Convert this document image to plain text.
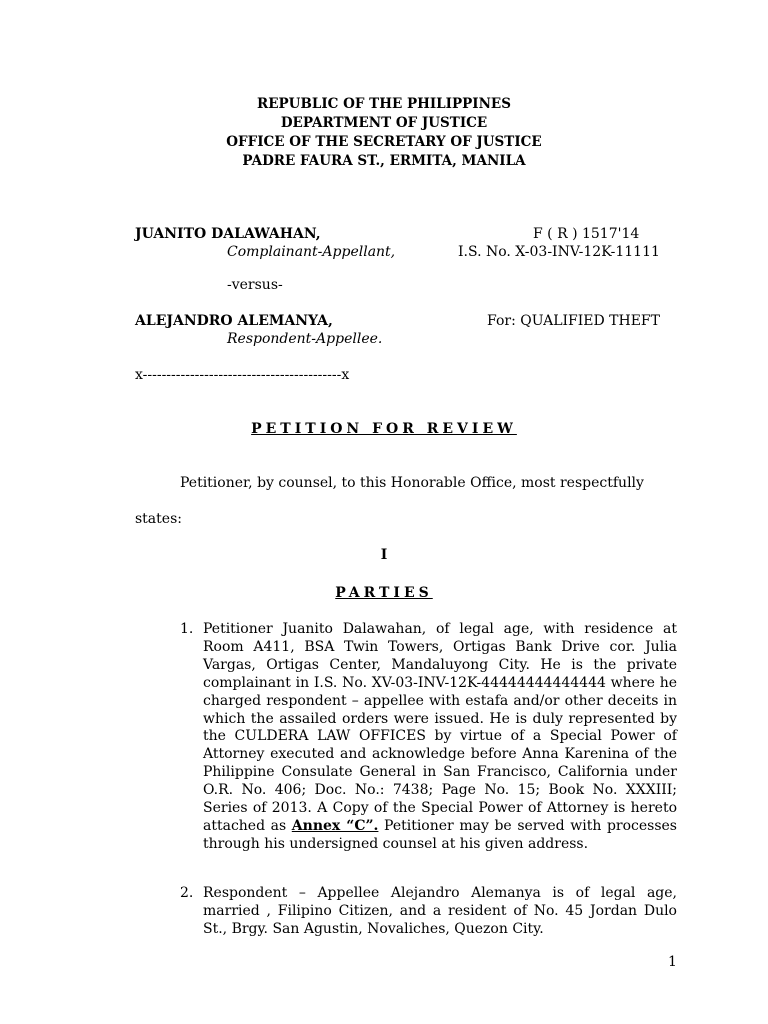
REPUBLIC OF THE PHILIPPINES
DEPARTMENT OF JUSTICE
OFFICE OF THE SECRETARY OF JUSTICE
PADRE FAURA ST., ERMITA, MANILA
JUANITO DALAWAHAN,	F ( R ) 1517'14
Complainant-Appellant,	I.S. No. X-03-INV-12K-11111
-versus-
ALEJANDRO ALEMANYA,	For: QUALIFIED THEFT
Respondent-Appellee.
x------------------------------------------x
PETITION FOR REVIEW
Petitioner, by counsel, to this Honorable Office, most respectfully
states:
I
PARTIES
1. Petitioner Juanito Dalawahan, of legal age, with residence at Room A411, BSA Twin Towers, Ortigas Bank Drive cor. Julia Vargas, Ortigas Center, Mandaluyong City. He is the private complainant in I.S. No. XV-03-INV-12K-44444444444444 where he charged respondent – appellee with estafa and/or other deceits in which the assailed orders were issued. He is duly represented by the CULDERA LAW OFFICES by virtue of a Special Power of Attorney executed and acknowledge before Anna Karenina of the Philippine Consulate General in San Francisco, California under O.R. No. 406; Doc. No.: 7438; Page No. 15; Book No. XXXIII; Series of 2013. A Copy of the Special Power of Attorney is hereto attached as Annex “C”. Petitioner may be served with processes through his undersigned counsel at his given address.
2. Respondent – Appellee Alejandro Alemanya is of legal age, married , Filipino Citizen, and a resident of No. 45 Jordan Dulo St., Brgy. San Agustin, Novaliches, Quezon City.
1
